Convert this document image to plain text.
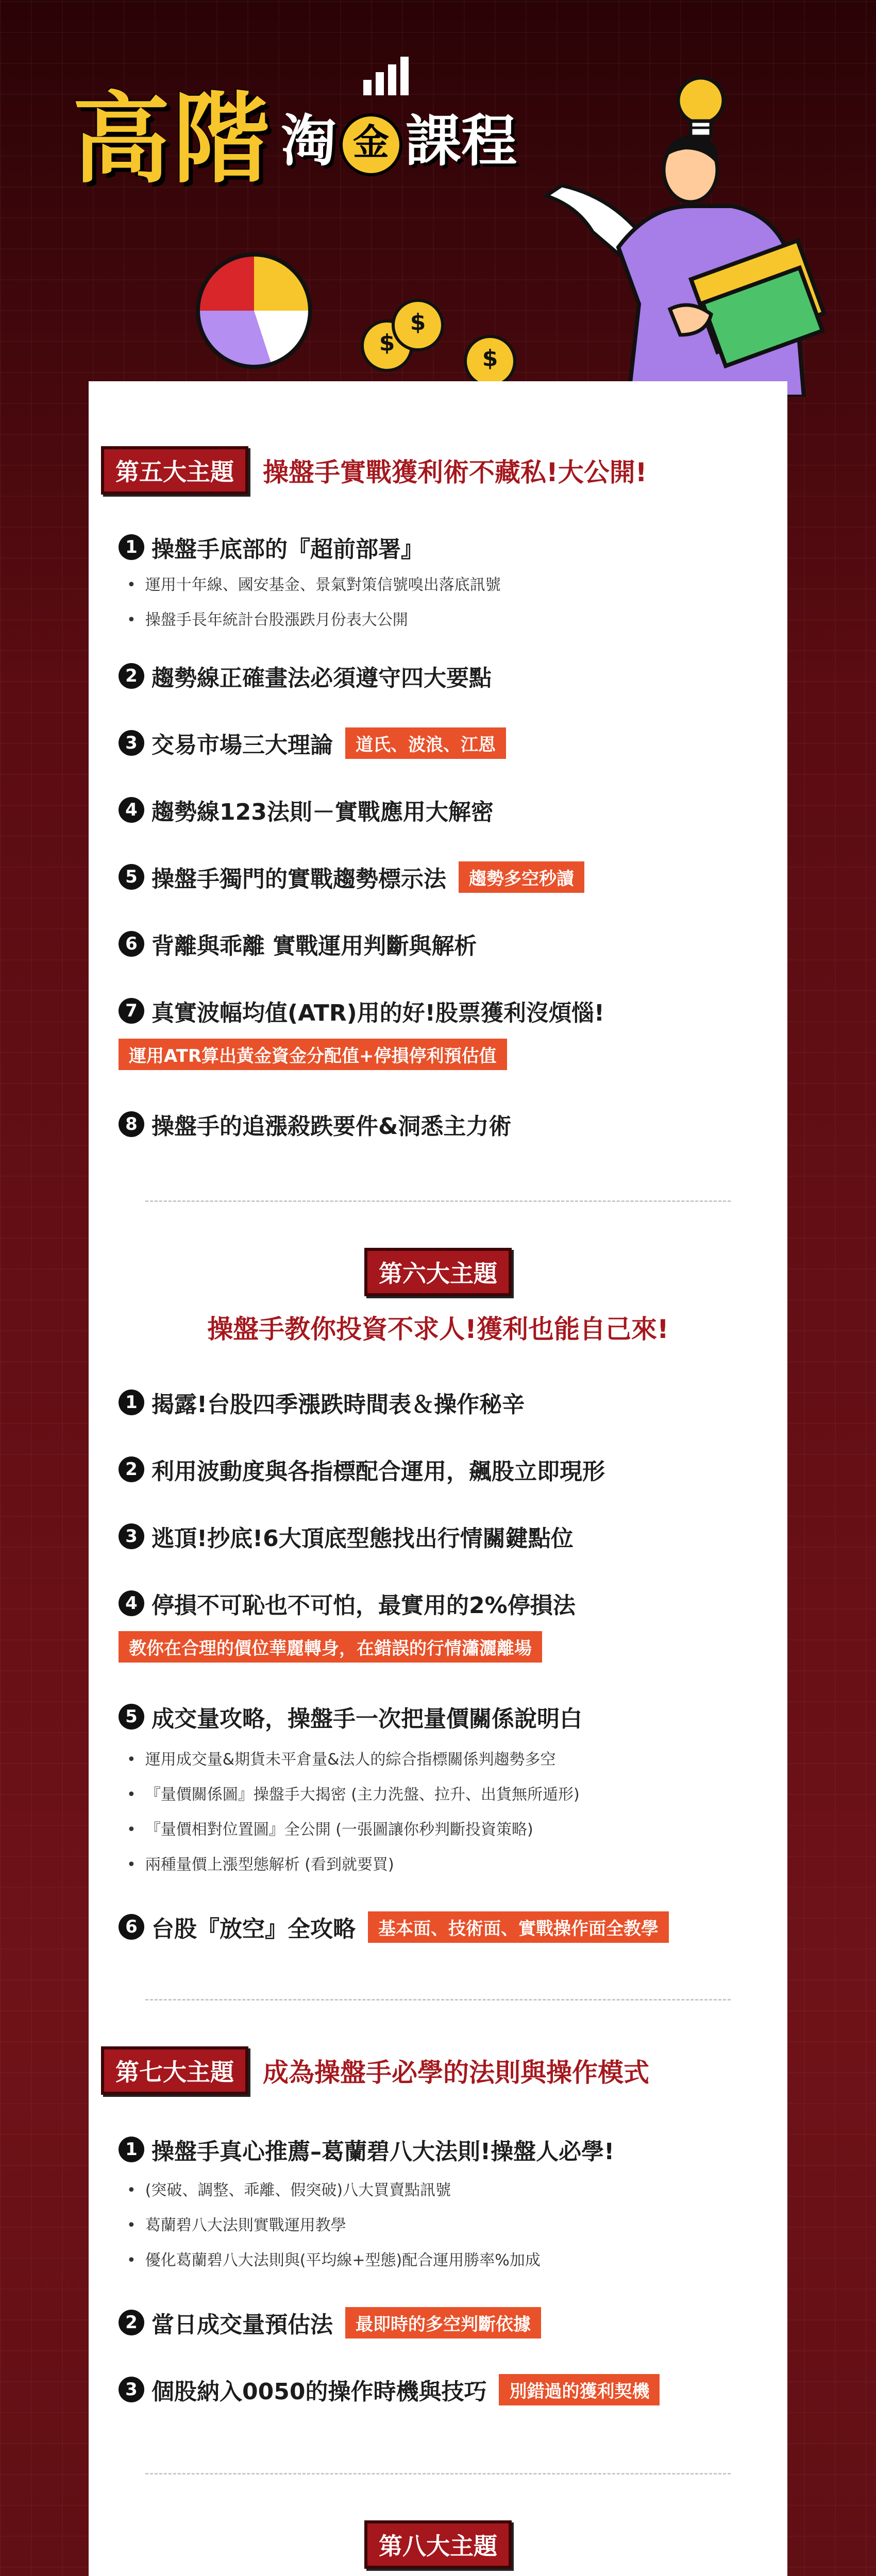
高階 淘 金 課程
$
$
$
第五大主題	操盤手實戰獲利術不藏私!大公開!
1 操盤手底部的『超前部署』
• 運用十年線、國安基金、景氣對策信號嗅出落底訊號
• 操盤手長年統計台股漲跌月份表大公開
2 趨勢線正確畫法必須遵守四大要點
3 交易市場三大理論	道氏、波浪、江恩
4 趨勢線123法則－實戰應用大解密
5 操盤手獨門的實戰趨勢標示法	趨勢多空秒讀
6 背離與乖離 實戰運用判斷與解析
7 真實波幅均值(ATR)用的好!股票獲利沒煩惱!
運用ATR算出黃金資金分配值+停損停利預估值
8 操盤手的追漲殺跌要件&洞悉主力術
第六大主題
操盤手教你投資不求人!獲利也能自己來!
1 揭露!台股四季漲跌時間表＆操作秘辛
2 利用波動度與各指標配合運用，飆股立即現形
3 逃頂!抄底!6大頂底型態找出行情關鍵點位
4 停損不可恥也不可怕，最實用的2%停損法
教你在合理的價位華麗轉身，在錯誤的行情瀟灑離場
5 成交量攻略，操盤手一次把量價關係說明白
• 運用成交量&期貨未平倉量&法人的綜合指標關係判趨勢多空
• 『量價關係圖』操盤手大揭密 (主力洗盤、拉升、出貨無所遁形)
• 『量價相對位置圖』全公開 (一張圖讓你秒判斷投資策略)
• 兩種量價上漲型態解析 (看到就要買)
6 台股『放空』全攻略	基本面、技術面、實戰操作面全教學
第七大主題	成為操盤手必學的法則與操作模式
1 操盤手真心推薦–葛蘭碧八大法則!操盤人必學!
• (突破、調整、乖離、假突破)八大買賣點訊號
• 葛蘭碧八大法則實戰運用教學
• 優化葛蘭碧八大法則與(平均線+型態)配合運用勝率%加成
2 當日成交量預估法	最即時的多空判斷依據
3 個股納入0050的操作時機與技巧	別錯過的獲利契機
第八大主題
